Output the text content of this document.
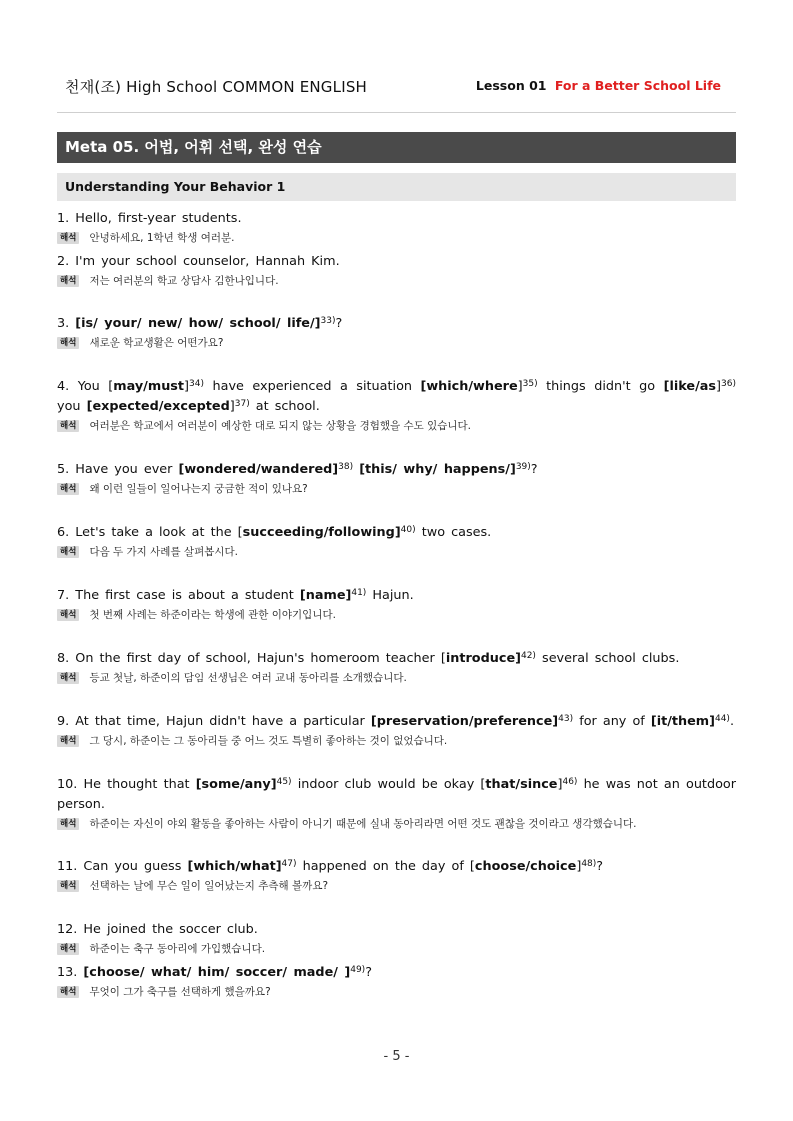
천재(조) High School COMMON ENGLISH	Lesson 01 For a Better School Life
Meta 05. 어법, 어휘 선택, 완성 연습
Understanding Your Behavior 1
1. Hello, first-year students.
해석 안녕하세요, 1학년 학생 여러분.
2. I'm your school counselor, Hannah Kim.
해석 저는 여러분의 학교 상담사 김한나입니다.
3. [is/ your/ new/ how/ school/ life/]$^{33)}$?
해석 새로운 학교생활은 어떤가요?
4. You [may/must]$^{34)}$ have experienced a situation [which/where]$^{35)}$ things didn't go [like/as]$^{36)}$ you [expected/excepted]$^{37)}$ at school.
해석 여러분은 학교에서 여러분이 예상한 대로 되지 않는 상황을 경험했을 수도 있습니다.
5. Have you ever [wondered/wandered]$^{38)}$ [this/ why/ happens/]$^{39)}$?
해석 왜 이런 일들이 일어나는지 궁금한 적이 있나요?
6. Let's take a look at the [succeeding/following]$^{40)}$ two cases.
해석 다음 두 가지 사례를 살펴봅시다.
7. The first case is about a student [name]$^{41)}$ Hajun.
해석 첫 번째 사례는 하준이라는 학생에 관한 이야기입니다.
8. On the first day of school, Hajun's homeroom teacher [introduce]$^{42)}$ several school clubs.
해석 등교 첫날, 하준이의 담임 선생님은 여러 교내 동아리를 소개했습니다.
9. At that time, Hajun didn't have a particular [preservation/preference]$^{43)}$ for any of [it/them]$^{44)}$.
해석 그 당시, 하준이는 그 동아리들 중 어느 것도 특별히 좋아하는 것이 없었습니다.
10. He thought that [some/any]$^{45)}$ indoor club would be okay [that/since]$^{46)}$ he was not an outdoor person.
해석 하준이는 자신이 야외 활동을 좋아하는 사람이 아니기 때문에 실내 동아리라면 어떤 것도 괜찮을 것이라고 생각했습니다.
11. Can you guess [which/what]$^{47)}$ happened on the day of [choose/choice]$^{48)}$?
해석 선택하는 날에 무슨 일이 일어났는지 추측해 볼까요?
12. He joined the soccer club.
해석 하준이는 축구 동아리에 가입했습니다.
13. [choose/ what/ him/ soccer/ made/ ]$^{49)}$?
해석 무엇이 그가 축구를 선택하게 했을까요?
- 5 -
